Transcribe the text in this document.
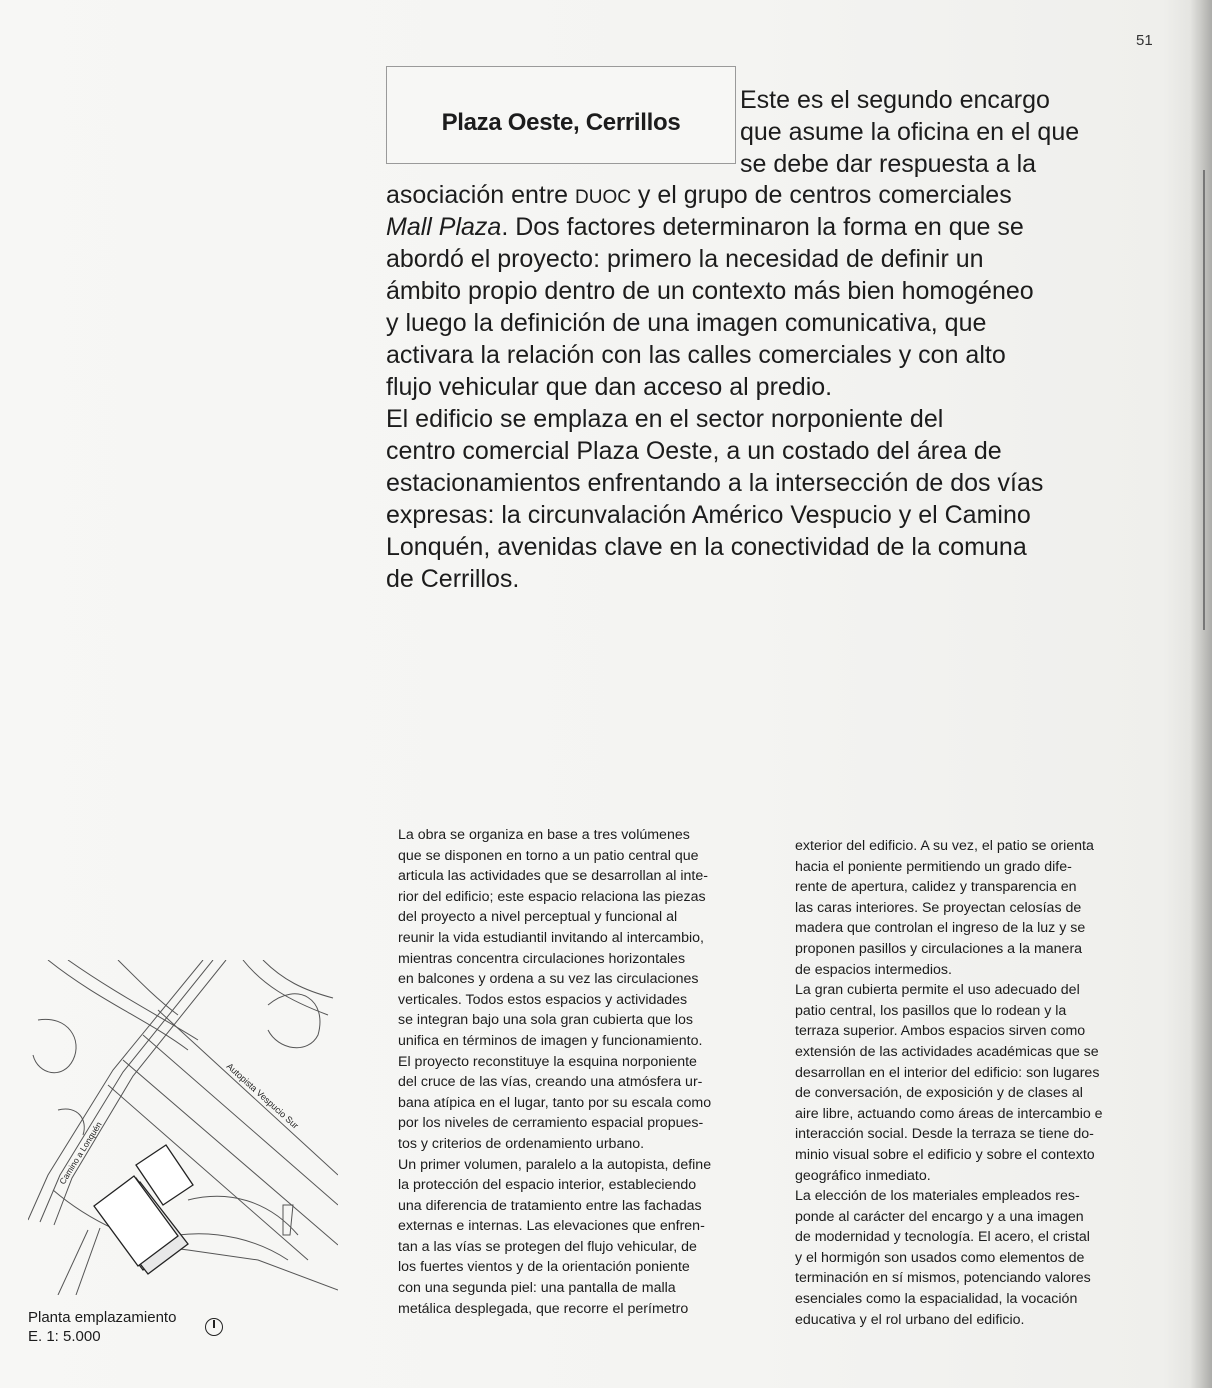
51
Plaza Oeste, Cerrillos
Este es el segundo encargo
que asume la oficina en el que
se debe dar respuesta a la
asociación entre DUOC y el grupo de centros comerciales
Mall Plaza. Dos factores determinaron la forma en que se
abordó el proyecto: primero la necesidad de definir un
ámbito propio dentro de un contexto más bien homogéneo
y luego la definición de una imagen comunicativa, que
activara la relación con las calles comerciales y con alto
flujo vehicular que dan acceso al predio.
El edificio se emplaza en el sector norponiente del
centro comercial Plaza Oeste, a un costado del área de
estacionamientos enfrentando a la intersección de dos vías
expresas: la circunvalación Américo Vespucio y el Camino
Lonquén, avenidas clave en la conectividad de la comuna
de Cerrillos.

La obra se organiza en base a tres volúmenes

que se disponen en torno a un patio central que

articula las actividades que se desarrollan al inte-

rior del edificio; este espacio relaciona las piezas

del proyecto a nivel perceptual y funcional al

reunir la vida estudiantil invitando al intercambio,

mientras concentra circulaciones horizontales

en balcones y ordena a su vez las circulaciones

verticales. Todos estos espacios y actividades

se integran bajo una sola gran cubierta que los

unifica en términos de imagen y funcionamiento.

El proyecto reconstituye la esquina norponiente

del cruce de las vías, creando una atmósfera ur-

bana atípica en el lugar, tanto por su escala como

por los niveles de cerramiento espacial propues-

tos y criterios de ordenamiento urbano.

Un primer volumen, paralelo a la autopista, define

la protección del espacio interior, estableciendo

una diferencia de tratamiento entre las fachadas

externas e internas. Las elevaciones que enfren-

tan a las vías se protegen del flujo vehicular, de

los fuertes vientos y de la orientación poniente

con una segunda piel: una pantalla de malla

metálica desplegada, que recorre el perímetro

exterior del edificio. A su vez, el patio se orienta

hacia el poniente permitiendo un grado dife-

rente de apertura, calidez y transparencia en

las caras interiores. Se proyectan celosías de

madera que controlan el ingreso de la luz y se

proponen pasillos y circulaciones a la manera

de espacios intermedios.

La gran cubierta permite el uso adecuado del

patio central, los pasillos que lo rodean y la

terraza superior. Ambos espacios sirven como

extensión de las actividades académicas que se

desarrollan en el interior del edificio: son lugares

de conversación, de exposición y de clases al

aire libre, actuando como áreas de intercambio e

interacción social. Desde la terraza se tiene do-

minio visual sobre el edificio y sobre el contexto

geográfico inmediato.

La elección de los materiales empleados res-

ponde al carácter del encargo y a una imagen

de modernidad y tecnología. El acero, el cristal

y el hormigón son usados como elementos de

terminación en sí mismos, potenciando valores

esenciales como la espacialidad, la vocación

educativa y el rol urbano del edificio.

Autopista Vespucio Sur
Camino a Lonquén
Planta emplazamiento
E. 1: 5.000
